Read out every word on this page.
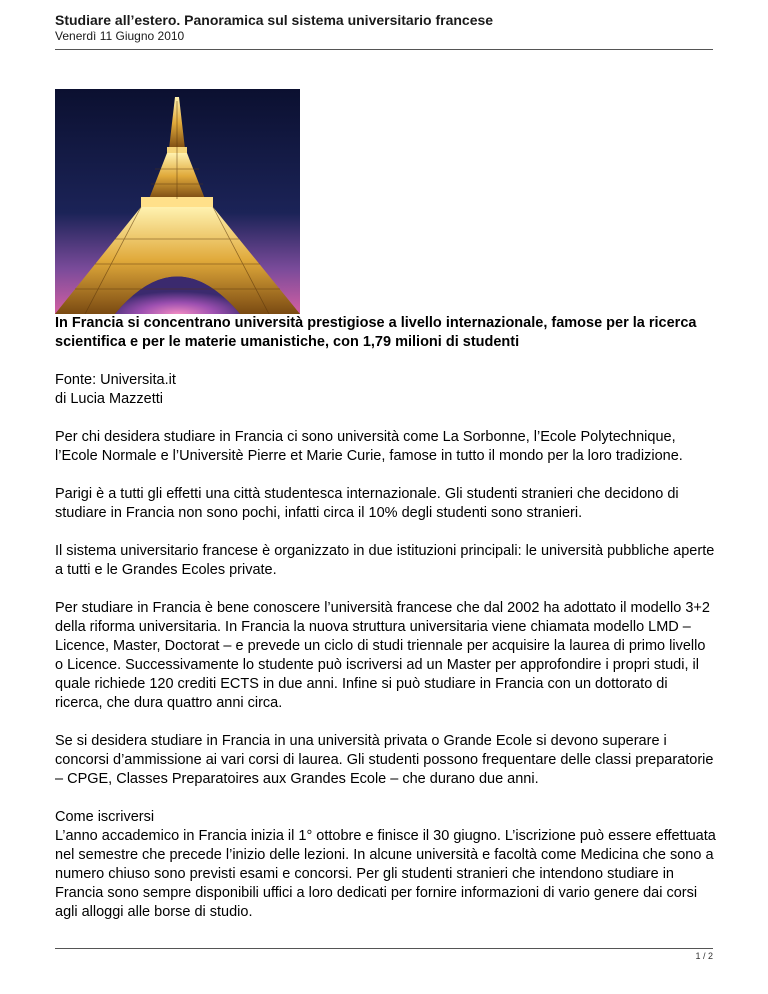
Studiare all’estero. Panoramica sul sistema universitario francese
Venerdì 11 Giugno 2010

In Francia si concentrano università prestigiose a livello internazionale, famose per la ricerca scientifica e per le materie umanistiche, con 1,79 milioni di studenti

Fonte: Universita.it
di Lucia Mazzetti

Per chi desidera studiare in Francia ci sono università come La Sorbonne, l’Ecole Polytechnique, l’Ecole Normale e l’Universitè Pierre et Marie Curie, famose in tutto il mondo per la loro tradizione.

Parigi è a tutti gli effetti una città studentesca internazionale. Gli studenti stranieri che decidono di studiare in Francia non sono pochi, infatti circa il 10% degli studenti sono stranieri.

Il sistema universitario francese è organizzato in due istituzioni principali: le università pubbliche aperte a tutti e le Grandes Ecoles private.

Per studiare in Francia è bene conoscere l’università francese che dal 2002 ha adottato il modello 3+2 della riforma universitaria. In Francia la nuova struttura universitaria viene chiamata modello LMD – Licence, Master, Doctorat – e prevede un ciclo di studi triennale per acquisire la laurea di primo livello o Licence. Successivamente lo studente può iscriversi ad un Master per approfondire i propri studi, il quale richiede 120 crediti ECTS in due anni. Infine si può studiare in Francia con un dottorato di ricerca, che dura quattro anni circa.

Se si desidera studiare in Francia in una università privata o Grande Ecole si devono superare i concorsi d’ammissione ai vari corsi di laurea. Gli studenti possono frequentare delle classi preparatorie – CPGE, Classes Preparatoires aux Grandes Ecole – che durano due anni.

Come iscriversi
L’anno accademico in Francia inizia il 1° ottobre e finisce il 30 giugno. L’iscrizione può essere effettuata nel semestre che precede l’inizio delle lezioni. In alcune università e facoltà come Medicina che sono a numero chiuso sono previsti esami e concorsi. Per gli studenti stranieri che intendono studiare in Francia sono sempre disponibili uffici a loro dedicati per fornire informazioni di vario genere dai corsi agli alloggi alle borse di studio.

1 / 2
